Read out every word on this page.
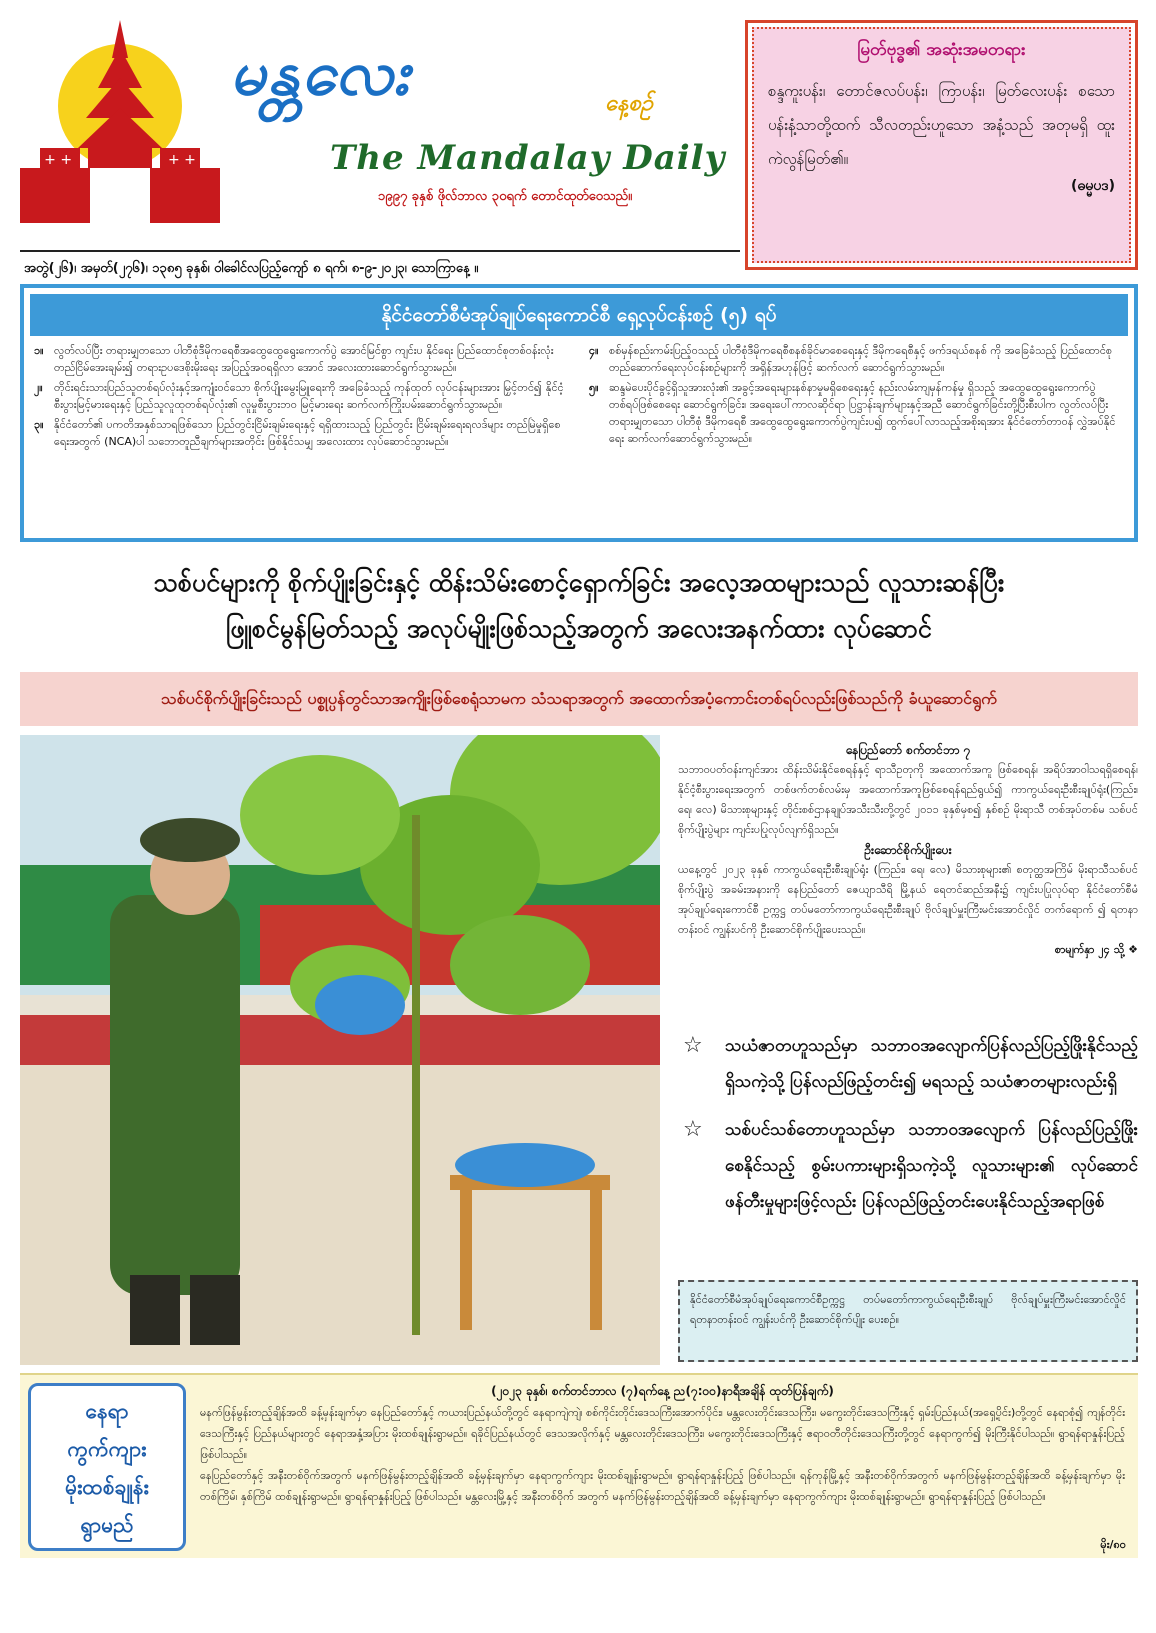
+ + +	+ + +
မန္တလေး	နေ့စဉ်
The Mandalay Daily
၁၉၉၇ ခုနှစ် ဖိုလ်ဘာလ ၃၀ရက် တောင်ထုတ်ဝေသည်။
အတွဲ(၂၆)၊ အမှတ်(၂၇၆)၊ ၁၃၈၅ ခုနှစ်၊ ဝါခေါင်လပြည့်ကျော် ၈ ရက်၊ ၈-၉-၂၀၂၃၊ သောကြာနေ့ ။
မြတ်ဗုဒ္ဓ၏ အဆုံးအမတရား
စန္ဒကူးပန်း၊ တောင်ဇလပ်ပန်း၊ ကြာပန်း၊ မြတ်လေးပန်း စသော ပန်းနံ့သာတို့ထက် သီလတည်းဟူသော အနံ့သည် အတုမရှိ ထူးကဲလွန်မြတ်၏။
(ဓမ္မပဒ)
နိုင်ငံတော်စီမံအုပ်ချုပ်ရေးကောင်စီ ရှေ့လုပ်ငန်းစဉ် (၅) ရပ်
၁။ လွတ်လပ်ပြီး တရားမျှတသော ပါတီစုံဒီမိုကရေစီအထွေထွေရွေးကောက်ပွဲ အောင်မြင်စွာ ကျင်းပ နိုင်ရေး ပြည်ထောင်စုတစ်ဝန်းလုံး တည်ငြိမ်အေးချမ်း၍ တရားဥပဒေစိုးမိုးရေး အပြည့်အဝရရှိလာ အောင် အလေးထားဆောင်ရွက်သွားမည်။
၂။	တိုင်းရင်းသားပြည်သူတစ်ရပ်လုံးနှင့်အကျုံးဝင်သော စိုက်ပျိုးမွေးမြူရေးကို အခြေခံသည့် ကုန်ထုတ် လုပ်ငန်းများအား မြှင့်တင်၍ နိုင်ငံ့စီးပွားမြင့်မားရေးနှင့် ပြည်သူလူထုတစ်ရပ်လုံး၏ လူမှုစီးပွားဘဝ မြင့်မားရေး ဆက်လက်ကြိုးပမ်းဆောင်ရွက်သွားမည်။
၃။ နိုင်ငံတော်၏ ပကတိအနှစ်သာရဖြစ်သော ပြည်တွင်းငြိမ်းချမ်းရေးနှင့် ရရှိထားသည့် ပြည်တွင်း ငြိမ်းချမ်းရေးရလဒ်များ တည်မြဲမှုရှိစေရေးအတွက် (NCA)ပါ သဘောတူညီချက်များအတိုင်း ဖြစ်နိုင်သမျှ အလေးထား လုပ်ဆောင်သွားမည်။
၄။ စစ်မှန်စည်းကမ်းပြည့်ဝသည့် ပါတီစုံဒီမိုကရေစီစနစ်ခိုင်မာစေရေးနှင့် ဒီမိုကရေစီနှင့် ဖက်ဒရယ်စနစ် ကို အခြေခံသည့် ပြည်ထောင်စုတည်ဆောက်ရေးလုပ်ငန်းစဉ်များကို အရှိန်အဟုန်ဖြင့် ဆက်လက် ဆောင်ရွက်သွားမည်။
၅။ ဆန္ဒမဲပေးပိုင်ခွင့်ရှိသူအားလုံး၏ အခွင့်အရေးများနစ်နာမှုမရှိစေရေးနှင့် နည်းလမ်းကျမှန်ကန်မှု ရှိသည့် အထွေထွေရွေးကောက်ပွဲတစ်ရပ်ဖြစ်စေရေး ဆောင်ရွက်ခြင်း၊ အရေးပေါ်ကာလဆိုင်ရာ ပြဋ္ဌာန်းချက်များနှင့်အညီ ဆောင်ရွက်ခြင်းတို့ပြီးစီးပါက လွတ်လပ်ပြီး တရားမျှတသော ပါတီစုံ ဒီမိုကရေစီ အထွေထွေရွေးကောက်ပွဲကျင်းပ၍ ထွက်ပေါ်လာသည့်အစိုးရအား နိုင်ငံတော်တာဝန် လွှဲအပ်နိုင်ရေး ဆက်လက်ဆောင်ရွက်သွားမည်။
သစ်ပင်များကို စိုက်ပျိုးခြင်းနှင့် ထိန်းသိမ်းစောင့်ရှောက်ခြင်း အလေ့အထများသည် လူသားဆန်ပြီး
ဖြူစင်မွန်မြတ်သည့် အလုပ်မျိုးဖြစ်သည့်အတွက် အလေးအနက်ထား လုပ်ဆောင်
သစ်ပင်စိုက်ပျိုးခြင်းသည် ပစ္စုပ္ပန်တွင်သာအကျိုးဖြစ်စေရုံသာမက သံသရာအတွက် အထောက်အပံ့ကောင်းတစ်ရပ်လည်းဖြစ်သည်ကို ခံယူဆောင်ရွက်
နေပြည်တော် စက်တင်ဘာ ၇

သဘာဝပတ်ဝန်းကျင်အား ထိန်းသိမ်းနိုင်စေရန်နှင့် ရာသီဥတုကို အထောက်အကူ ဖြစ်စေရန်၊ အရိပ်အာဝါသရရှိစေရန်၊ နိုင်ငံ့စီးပွားရေးအတွက် တစ်ဖက်တစ်လမ်းမှ အထောက်အကူဖြစ်စေရန်ရည်ရွယ်၍ ကာကွယ်ရေးဦးစီးချုပ်ရုံး(ကြည်း၊ ရေ၊ လေ) မိသားစုများနှင့် တိုင်းစစ်ဌာနချုပ်အသီးသီးတို့တွင် ၂၀၁၁ ခုနှစ်မှစ၍ နှစ်စဉ် မိုးရာသီ တစ်အုပ်တစ်မ သစ်ပင်စိုက်ပျိုးပွဲများ ကျင်းပပြုလုပ်လျက်ရှိသည်။

ဦးဆောင်စိုက်ပျိုးပေး

ယနေ့တွင် ၂၀၂၃ ခုနှစ် ကာကွယ်ရေးဦးစီးချုပ်ရုံး (ကြည်း၊ ရေ၊ လေ) မိသားစုများ၏ စတုတ္ထအကြိမ် မိုးရာသီသစ်ပင်စိုက်ပျိုးပွဲ အခမ်းအနားကို နေပြည်တော် ဇေယျာသီရိ မြို့နယ် ရေတင်ဆည်အနီး၌ ကျင်းပပြုလုပ်ရာ နိုင်ငံတော်စီမံအုပ်ချုပ်ရေးကောင်စီ ဥက္ကဋ္ဌ တပ်မတော်ကာကွယ်ရေးဦးစီးချုပ် ဗိုလ်ချုပ်မှူးကြီးမင်းအောင်လှိုင် တက်ရောက် ၍ ရတနာတန်းဝင် ကျွန်းပင်ကို ဦးဆောင်စိုက်ပျိုးပေးသည်။

စာမျက်နှာ ၂၄ သို့ ❖
☆	သယံဇာတဟူသည်မှာ သဘာဝအလျောက်ပြန်လည်ပြည့်ဖြိုးနိုင်သည့်ရှိသကဲ့သို့ ပြန်လည်ဖြည့်တင်း၍ မရသည့် သယံဇာတများလည်းရှိ
☆	သစ်ပင်သစ်တောဟူသည်မှာ သဘာဝအလျောက် ပြန်လည်ပြည့်ဖြိုးစေနိုင်သည့် စွမ်းပကားများရှိသကဲ့သို့ လူသားများ၏ လုပ်ဆောင်ဖန်တီးမှုများဖြင့်လည်း ပြန်လည်ဖြည့်တင်းပေးနိုင်သည့်အရာဖြစ်
နိုင်ငံတော်စီမံအုပ်ချုပ်ရေးကောင်စီဥက္ကဋ္ဌ တပ်မတော်ကာကွယ်ရေးဦးစီးချုပ် ဗိုလ်ချုပ်မှူးကြီးမင်းအောင်လှိုင် ရတနာတန်းဝင် ကျွန်းပင်ကို ဦးဆောင်စိုက်ပျိုး ပေးစဉ်။
နေရာ
ကွက်ကျား
မိုးထစ်ချုန်း
ရွာမည်
(၂၀၂၃ ခုနှစ်၊ စက်တင်ဘာလ (၇)ရက်နေ့ ည(၇:၀၀)နာရီအချိန် ထုတ်ပြန်ချက်)

မနက်ဖြန်မွန်းတည့်ချိန်အထိ ခန့်မှန်းချက်မှာ နေပြည်တော်နှင့် ကယားပြည်နယ်တို့တွင် နေရာကျဲကျဲ၊ စစ်ကိုင်းတိုင်းဒေသကြီးအောက်ပိုင်း၊ မန္တလေးတိုင်းဒေသကြီး၊ မကွေးတိုင်းဒေသကြီးနှင့် ရှမ်းပြည်နယ်(အရှေ့ပိုင်း)တို့တွင် နေရာစုံ၍ ကျန်တိုင်းဒေသကြီးနှင့် ပြည်နယ်များတွင် နေရာအနှံ့အပြား မိုးထစ်ချုန်းရွာမည်။ ရခိုင်ပြည်နယ်တွင် ဒေသအလိုက်နှင့် မန္တလေးတိုင်းဒေသကြီး၊ မကွေးတိုင်းဒေသကြီးနှင့် ဧရာဝတီတိုင်းဒေသကြီးတို့တွင် နေရာကွက်၍ မိုးကြီးနိုင်ပါသည်။ ရွာရန်ရာနှုန်းပြည့် ဖြစ်ပါသည်။

နေပြည်တော်နှင့် အနီးတစ်ဝိုက်အတွက် မနက်ဖြန်မွန်းတည့်ချိန်အထိ ခန့်မှန်းချက်မှာ နေရာကွက်ကျား မိုးထစ်ချုန်းရွာမည်။ ရွာရန်ရာနှုန်းပြည့် ဖြစ်ပါသည်။ ရန်ကုန်မြို့နှင့် အနီးတစ်ဝိုက်အတွက် မနက်ဖြန်မွန်းတည့်ချိန်အထိ ခန့်မှန်းချက်မှာ မိုးတစ်ကြိမ်၊ နှစ်ကြိမ် ထစ်ချုန်းရွာမည်။ ရွာရန်ရာနှုန်းပြည့် ဖြစ်ပါသည်။ မန္တလေးမြို့နှင့် အနီးတစ်ဝိုက် အတွက် မနက်ဖြန်မွန်းတည့်ချိန်အထိ ခန့်မှန်းချက်မှာ နေရာကွက်ကျား မိုးထစ်ချုန်းရွာမည်။ ရွာရန်ရာနှုန်းပြည့် ဖြစ်ပါသည်။

မိုး/၈၀
